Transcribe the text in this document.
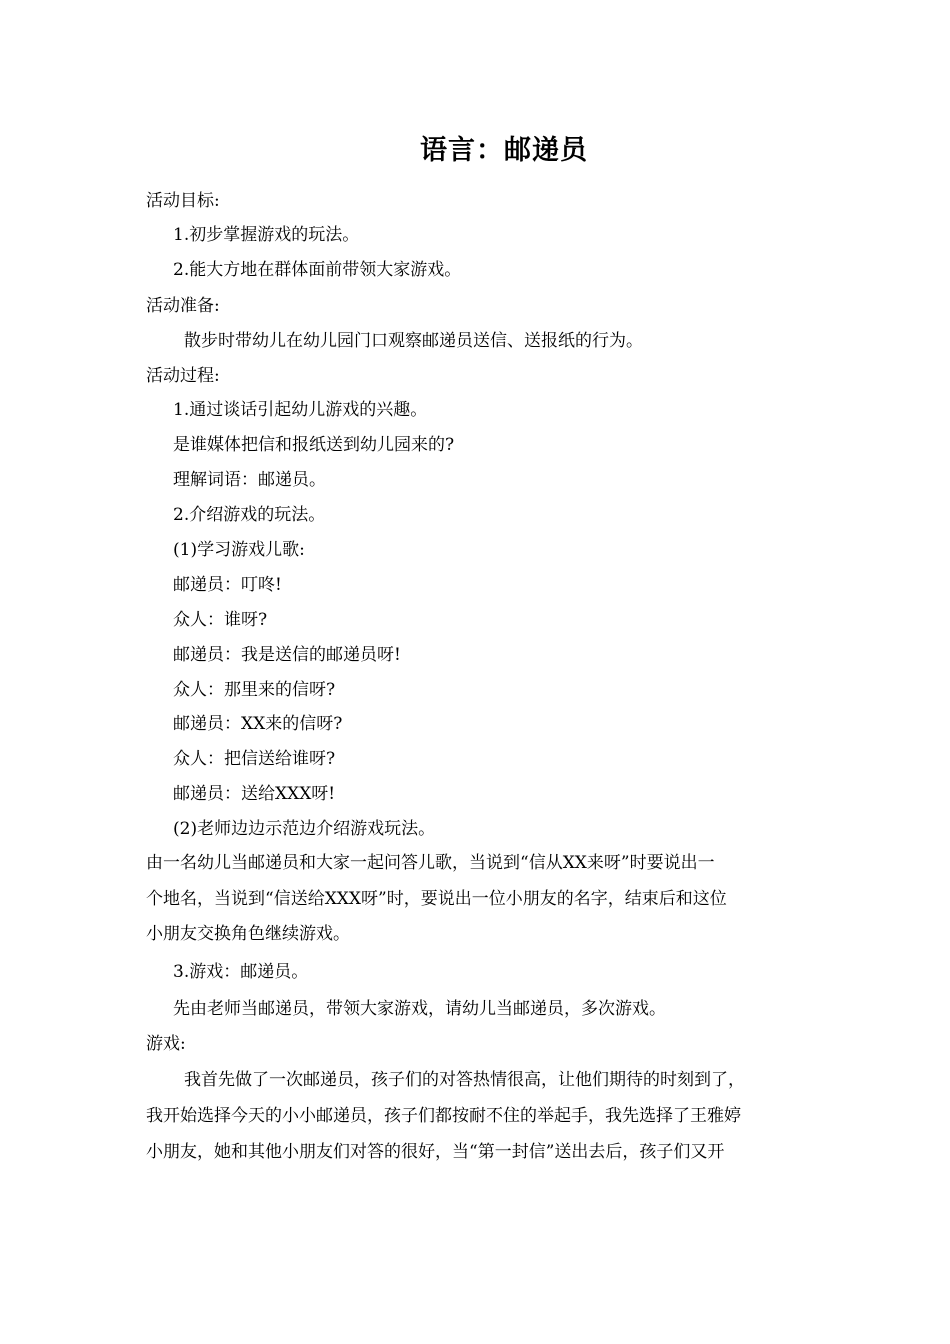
语言：邮递员
活动目标:
1.初步掌握游戏的玩法。
2.能大方地在群体面前带领大家游戏。
活动准备:
散步时带幼儿在幼儿园门口观察邮递员送信、送报纸的行为。
活动过程:
1.通过谈话引起幼儿游戏的兴趣。
是谁媒体把信和报纸送到幼儿园来的?
理解词语：邮递员。
2.介绍游戏的玩法。
(1)学习游戏儿歌:
邮递员：叮咚!
众人：谁呀?
邮递员：我是送信的邮递员呀!
众人：那里来的信呀?
邮递员：XX来的信呀?
众人：把信送给谁呀?
邮递员：送给XXX呀!
(2)老师边边示范边介绍游戏玩法。
由一名幼儿当邮递员和大家一起问答儿歌，当说到“信从XX来呀”时要说出一
个地名，当说到“信送给XXX呀”时，要说出一位小朋友的名字，结束后和这位
小朋友交换角色继续游戏。
3.游戏：邮递员。
先由老师当邮递员，带领大家游戏，请幼儿当邮递员，多次游戏。
游戏:
我首先做了一次邮递员，孩子们的对答热情很高，让他们期待的时刻到了，
我开始选择今天的小小邮递员，孩子们都按耐不住的举起手，我先选择了王雅婷
小朋友，她和其他小朋友们对答的很好，当“第一封信”送出去后，孩子们又开
